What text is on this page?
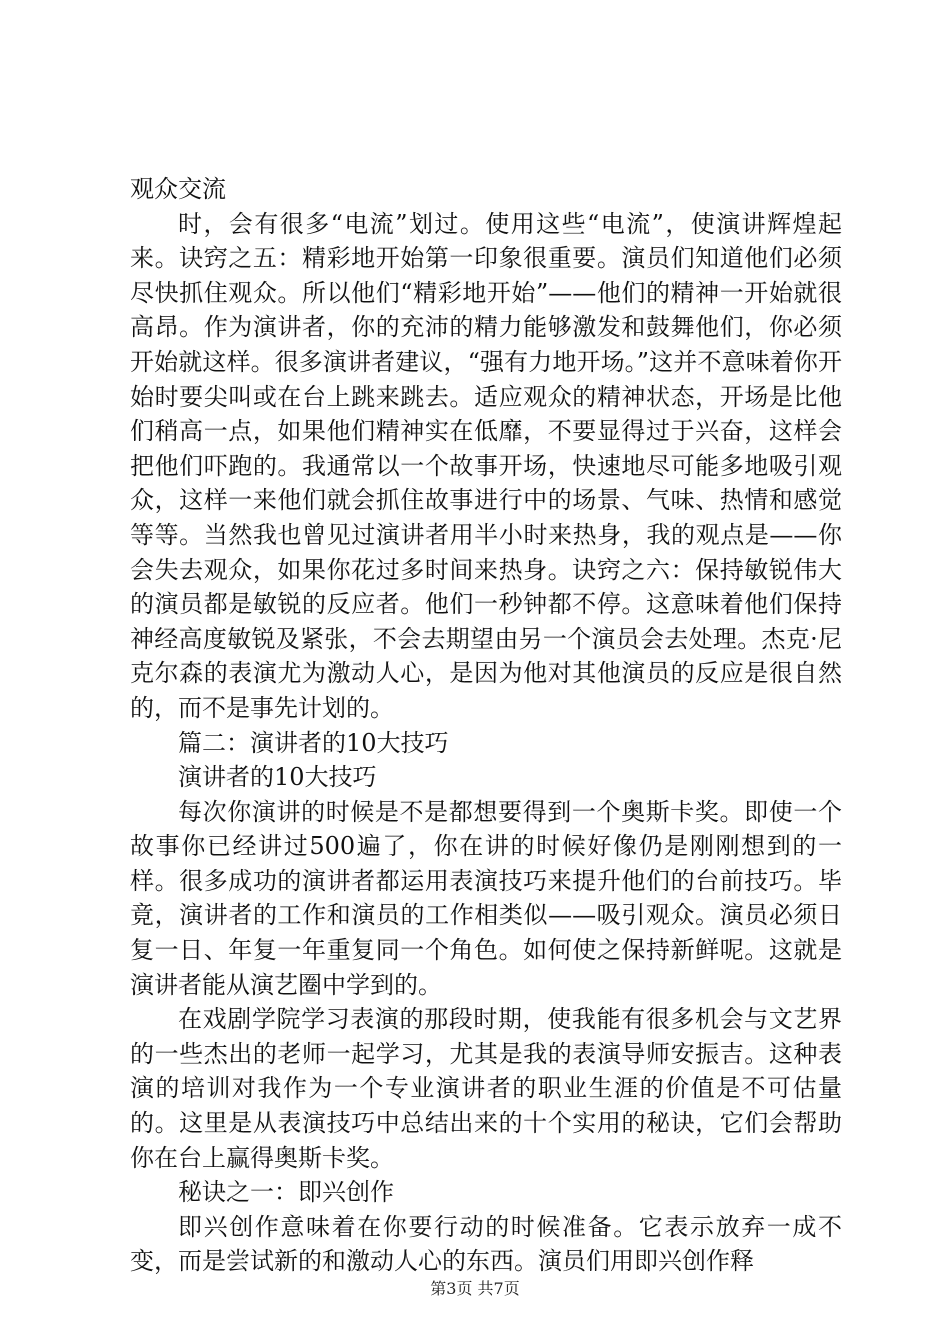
观众交流

时，会有很多“电流”划过。使用这些“电流”，使演讲辉煌起来。诀窍之五：精彩地开始第一印象很重要。演员们知道他们必须尽快抓住观众。所以他们“精彩地开始”——他们的精神一开始就很高昂。作为演讲者，你的充沛的精力能够激发和鼓舞他们，你必须开始就这样。很多演讲者建议，“强有力地开场。”这并不意味着你开始时要尖叫或在台上跳来跳去。适应观众的精神状态，开场是比他们稍高一点，如果他们精神实在低靡，不要显得过于兴奋，这样会把他们吓跑的。我通常以一个故事开场，快速地尽可能多地吸引观众，这样一来他们就会抓住故事进行中的场景、气味、热情和感觉等等。当然我也曾见过演讲者用半小时来热身，我的观点是——你会失去观众，如果你花过多时间来热身。诀窍之六：保持敏锐伟大的演员都是敏锐的反应者。他们一秒钟都不停。这意味着他们保持神经高度敏锐及紧张，不会去期望由另一个演员会去处理。杰克·尼克尔森的表演尤为激动人心，是因为他对其他演员的反应是很自然的，而不是事先计划的。

篇二：演讲者的10大技巧

演讲者的10大技巧

每次你演讲的时候是不是都想要得到一个奥斯卡奖。即使一个故事你已经讲过500遍了，你在讲的时候好像仍是刚刚想到的一样。很多成功的演讲者都运用表演技巧来提升他们的台前技巧。毕竟，演讲者的工作和演员的工作相类似——吸引观众。演员必须日复一日、年复一年重复同一个角色。如何使之保持新鲜呢。这就是演讲者能从演艺圈中学到的。

在戏剧学院学习表演的那段时期，使我能有很多机会与文艺界的一些杰出的老师一起学习，尤其是我的表演导师安振吉。这种表演的培训对我作为一个专业演讲者的职业生涯的价值是不可估量的。这里是从表演技巧中总结出来的十个实用的秘诀，它们会帮助你在台上赢得奥斯卡奖。

秘诀之一：即兴创作

即兴创作意味着在你要行动的时候准备。它表示放弃一成不变，而是尝试新的和激动人心的东西。演员们用即兴创作释

第3页 共7页
